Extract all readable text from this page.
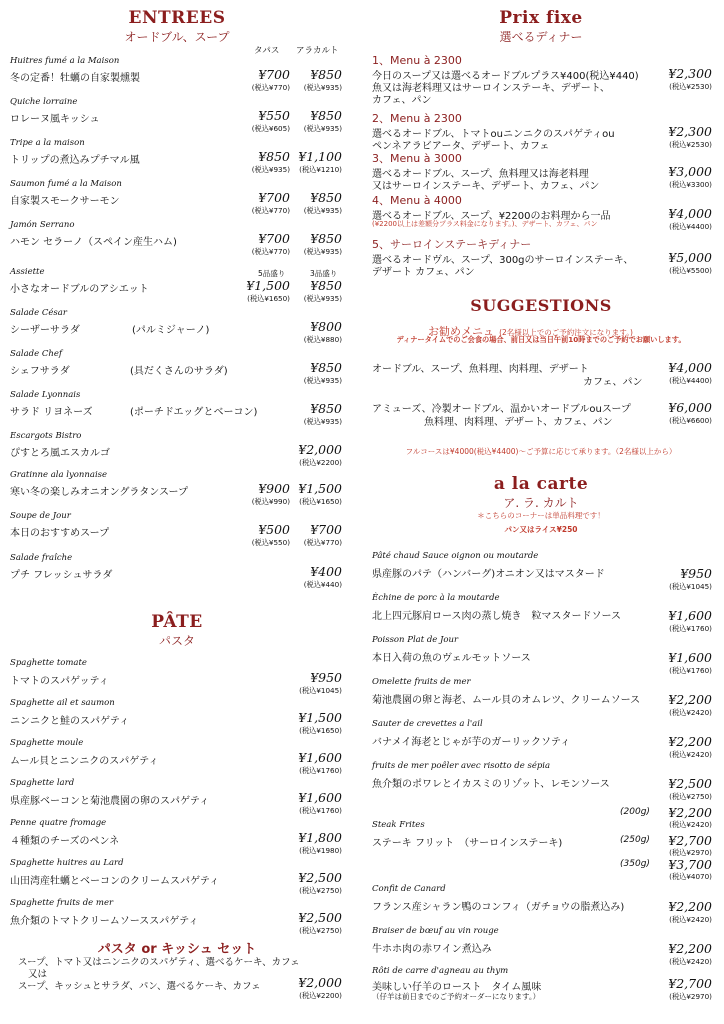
ENTREES
オードブル、スープ
タパス アラカルト
Huitres fumé a la Maison
冬の定番！牡蠣の自家製燻製	¥700	¥850
(税込¥770)	(税込¥935)
Quiche lorraine
ロレーヌ風キッシュ	¥550	¥850
(税込¥605)	(税込¥935)
Tripe a la maison
トリップの煮込みプチマル風	¥850 ¥1,100
(税込¥935)	(税込¥1210)
Saumon fumé a la Maison
自家製スモークサーモン	¥700	¥850
(税込¥770)	(税込¥935)
Jamón Serrano
ハモン セラーノ（スペイン産生ハム)	¥700	¥850
(税込¥770)	(税込¥935)
Assiette	5品盛り	3品盛り
小さなオードブルのアシエット	¥1,500	¥850
(税込¥1650)	(税込¥935)
Salade César
シーザーサラダ	(パルミジャーノ)	¥800
(税込¥880)
Salade Chef
シェフサラダ	(具だくさんのサラダ)	¥850
(税込¥935)
Salade Lyonnais
サラド リヨネーズ	(ポーチドエッグとベーコン)	¥850
(税込¥935)
Escargots Bistro
ぴすとろ風エスカルゴ	¥2,000
(税込¥2200)
Gratinne ala lyonnaise
寒い冬の楽しみオニオングラタンスープ	¥900 ¥1,500
(税込¥990)	(税込¥1650)
Soupe de Jour
本日のおすすめスープ	¥500	¥700
(税込¥550)	(税込¥770)
Salade fraîche
プチ フレッシュサラダ	¥400
(税込¥440)
Spaghette tomate
トマトのスパゲッティ	¥950
(税込¥1045)
Spaghette ail et saumon
ニンニクと鮭のスパゲティ	¥1,500
(税込¥1650)
Spaghette moule
ムール貝とニンニクのスパゲティ	¥1,600
(税込¥1760)
Spaghette lard
県産豚ベーコンと菊池農園の卵のスパゲティ	¥1,600
(税込¥1760)
Penne quatre fromage
４種類のチーズのペンネ	¥1,800
(税込¥1980)
Spaghette huitres au Lard
山田湾産牡蠣とベーコンのクリームスパゲティ	¥2,500
(税込¥2750)
Spaghette fruits de mer
魚介類のトマトクリームソーススパゲティ	¥2,500
(税込¥2750)
PÂTE
パスタ
パスタ or キッシュ セット
スープ、トマト又はニンニクのスパゲティ、選べるケーキ、カフェ
又は
スープ、キッシュとサラダ、パン、選べるケーキ、カフェ	¥2,000
(税込¥2200)
Prix fixe
選べるディナー
1、Menu à 2300
今日のスープ又は選べるオードブルプラス¥400(税込¥440)
魚又は海老料理又はサーロインステーキ、デザート、
カフェ、パン
¥2,300
(税込¥2530)
2、Menu à 2300
選べるオードブル、トマトouニンニクのスパゲティou
ペンネアラビアータ、デザート、カフェ
¥2,300
(税込¥2530)
3、Menu à 3000
選べるオードブル、スープ、魚料理又は海老料理
又はサーロインステーキ、デザート、カフェ、パン
¥3,000
(税込¥3300)
4、Menu à 4000
選べるオードブル、スープ、¥2200のお料理から一品
(¥2200以上は差額分プラス料金になります。)、デザート、カフェ、パン
¥4,000
(税込¥4400)
5、サーロインステーキディナー
選べるオードヴル、スープ、300gのサーロインステーキ、
デザート カフェ、パン
¥5,000
(税込¥5500)
SUGGESTIONS
お勧めメニュ (2名様以上でのご予約注文になります。)
ディナータイムでのご会食の場合、前日又は当日午前10時までのご予約でお願いします。
オードブル、スープ、魚料理、肉料理、デザート
カフェ、パン
¥4,000
(税込¥4400)
アミューズ、冷製オードブル、温かいオードブルouスープ
魚料理、肉料理、デザート、カフェ、パン
¥6,000
(税込¥6600)
フルコースは¥4000(税込¥4400)～ご予算に応じて承ります。（2名様以上から）
a la carte
ア. ラ. カルト
＊こちらのコーナーは単品料理です！
パン又はライス¥250
Pâté chaud Sauce oignon ou moutarde
県産豚のパテ（ハンバーグ)オニオン又はマスタード	¥950
(税込¥1045)
Èchine de porc à la moutarde
北上四元豚肩ロース肉の蒸し焼き　粒マスタードソース	¥1,600
(税込¥1760)
Poisson Plat de Jour
本日入荷の魚のヴェルモットソース	¥1,600
(税込¥1760)
Omelette fruits de mer
菊池農園の卵と海老、ムール貝のオムレツ、クリームソース	¥2,200
(税込¥2420)
Sauter de crevettes a l'ail
バナメイ海老とじゃが芋のガーリックソティ	¥2,200
(税込¥2420)
fruits de mer poêler avec risotto de sépia
魚介類のポワレとイカスミのリゾット、レモンソース	¥2,500
(税込¥2750)
Steak Frites
ステーキ フリット　（サーロインステーキ)
(200g)	¥2,200
(税込¥2420)
(250g)	¥2,700
(税込¥2970)
(350g)	¥3,700
(税込¥4070)
Confit de Canard
フランス産シャラン鴨のコンフィ（ガチョウの脂煮込み)	¥2,200
(税込¥2420)
Braiser de bœuf au vin rouge
牛ホホ肉の赤ワイン煮込み	¥2,200
(税込¥2420)
Rôti de carre d'agneau au thym
美味しい仔羊のロースト　タイム風味
（仔羊は前日までのご予約オーダーになります。）
¥2,700
(税込¥2970)
